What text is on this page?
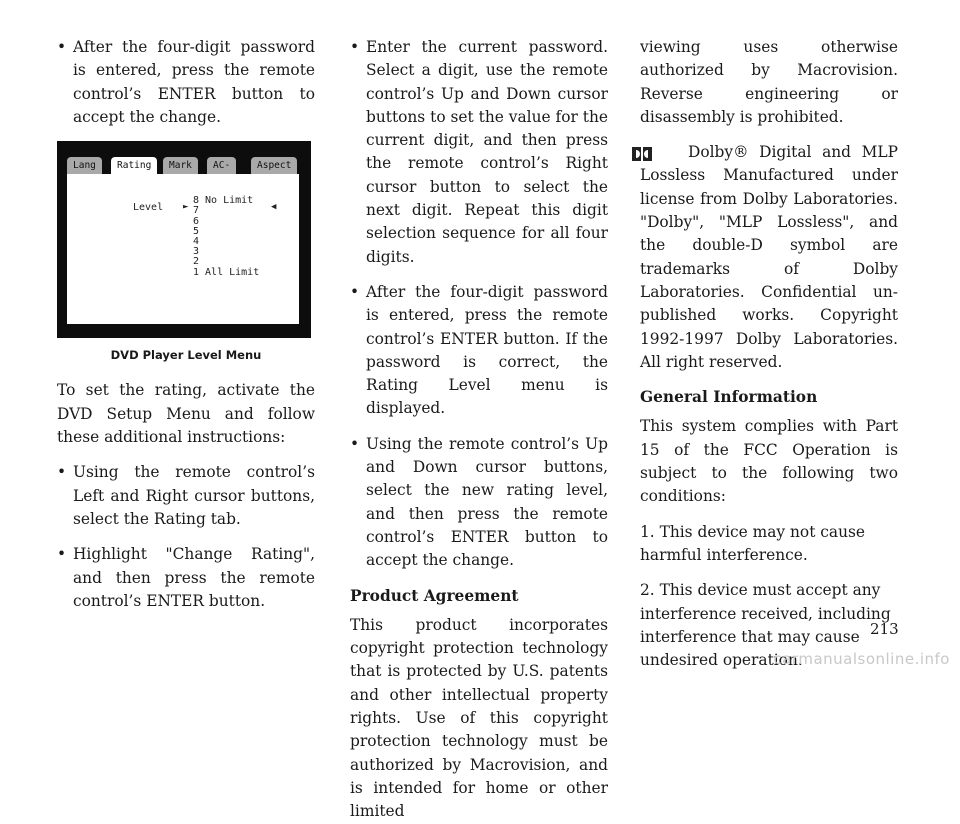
• After the four-digit password is entered, press the remote control’s ENTER button to accept the change.
Lang	Rating	Mark	AC-	Aspect
Level ►	◀
8 No Limit
7
6
5
4
3
2
1 All Limit
DVD Player Level Menu

To set the rating, activate the DVD Setup Menu and follow these additional instructions:

• Using the remote control’s Left and Right cursor buttons, select the Rating tab.
• Highlight "Change Rating", and then press the remote control’s ENTER button.
• Enter the current password. Select a digit, use the remote control’s Up and Down cursor buttons to set the value for the current digit, and then press the remote control’s Right cursor button to select the next digit. Repeat this digit selection sequence for all four digits.
• After the four-digit password is entered, press the remote control’s ENTER button. If the password is correct, the Rating Level menu is displayed.
• Using the remote control’s Up and Down cursor buttons, select the new rating level, and then press the remote control’s ENTER button to accept the change.
Product Agreement

This product incorporates copyright protection technology that is protected by U.S. patents and other intellectual property rights. Use of this copyright protection technology must be authorized by Macrovision, and is intended for home or other limited

viewing uses otherwise authorized by Macrovision. Reverse engineering or disassembly is prohibited.

Dolby® Digital and MLP Lossless Manufactured under license from Dolby Laboratories. "Dolby", "MLP Lossless", and the double-D symbol are trademarks of Dolby Laboratories. Confidential unpublished works. Copyright 1992-1997 Dolby Laboratories. All right reserved.

General Information

This system complies with Part 15 of the FCC Operation is subject to the following two conditions:

1. This device may not cause harmful interference.

2. This device must accept any interference received, including interference that may cause undesired operation.

213
carmanualsonline.info
